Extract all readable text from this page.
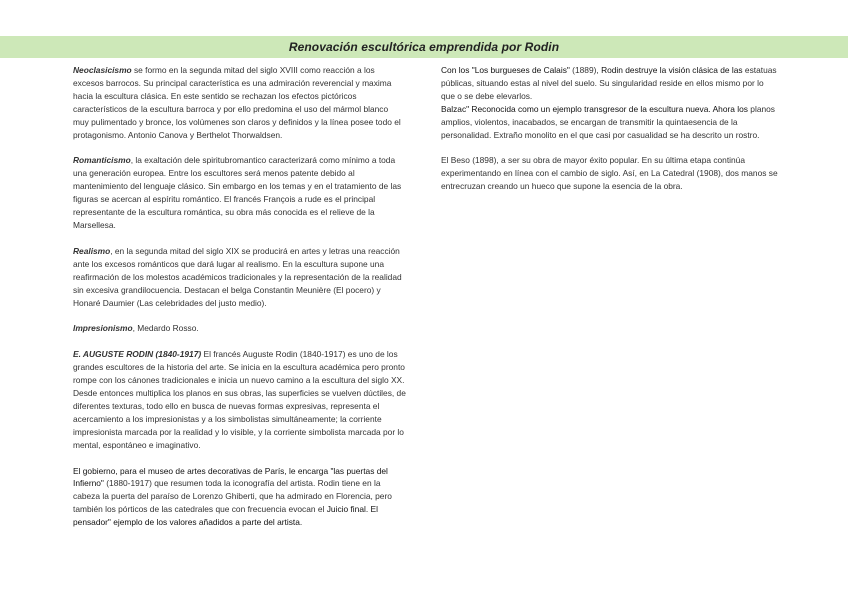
Renovación escultórica emprendida por Rodin

Neoclasicismo se formo en la segunda mitad del siglo XVIII como reacción a los excesos barrocos. Su principal característica es una admiración reverencial y maxima hacia la escultura clásica. En este sentido se rechazan los efectos pictóricos característicos de la escultura barroca y por ello predomina el uso del mármol blanco muy pulimentado y bronce, los volúmenes son claros y definidos y la línea posee todo el protagonismo. Antonio Canova y Berthelot Thorwaldsen.

Romanticismo, la exaltación dele spiritubromantico caracterizará como mínimo a toda una generación europea. Entre los escultores será menos patente debido al mantenimiento del lenguaje clásico. Sin embargo en los temas y en el tratamiento de las figuras se acercan al espíritu romántico. El francés François a rude es el principal representante de la escultura romántica, su obra más conocida es el relieve de la Marsellesa.

Realismo, en la segunda mitad del siglo XIX se producirá en artes y letras una reacción ante los excesos románticos que dará lugar al realismo. En la escultura supone una reafirmación de los molestos académicos tradicionales y la representación de la realidad sin excesiva grandilocuencia. Destacan el belga Constantin Meunière (El pocero) y Honaré Daumier (Las celebridades del justo medio).

Impresionismo, Medardo Rosso.

E. AUGUSTE RODIN (1840-1917) El francés Auguste Rodin (1840-1917) es uno de los grandes escultores de la historia del arte. Se inicia en la escultura académica pero pronto rompe con los cánones tradicionales e inicia un nuevo camino a la escultura del siglo XX. Desde entonces multiplica los planos en sus obras, las superficies se vuelven dúctiles, de diferentes texturas, todo ello en busca de nuevas formas expresivas, representa el acercamiento a los impresionistas y a los simbolistas simultáneamente; la corriente impresionista marcada por la realidad y lo visible, y la corriente simbolista marcada por lo mental, espontáneo e imaginativo.

El gobierno, para el museo de artes decorativas de París, le encarga "las puertas del Infierno" (1880-1917) que resumen toda la iconografía del artista. Rodin tiene en la cabeza la puerta del paraíso de Lorenzo Ghiberti, que ha admirado en Florencia, pero también los pórticos de las catedrales que con frecuencia evocan el Juicio final. El pensador" ejemplo de los valores añadidos a parte del artista.

Con los "Los burgueses de Calais" (1889), Rodin destruye la visión clásica de las estatuas públicas, situando estas al nivel del suelo. Su singularidad reside en ellos mismo por lo que o se debe elevarlos.

Balzac" Reconocida como un ejemplo transgresor de la escultura nueva. Ahora los planos amplios, violentos, inacabados, se encargan de transmitir la quintaesencia de la personalidad. Extraño monolito en el que casi por casualidad se ha descrito un rostro.

El Beso (1898), a ser su obra de mayor éxito popular. En su última etapa continúa experimentando en línea con el cambio de siglo. Así, en La Catedral (1908), dos manos se entrecruzan creando un hueco que supone la esencia de la obra.
